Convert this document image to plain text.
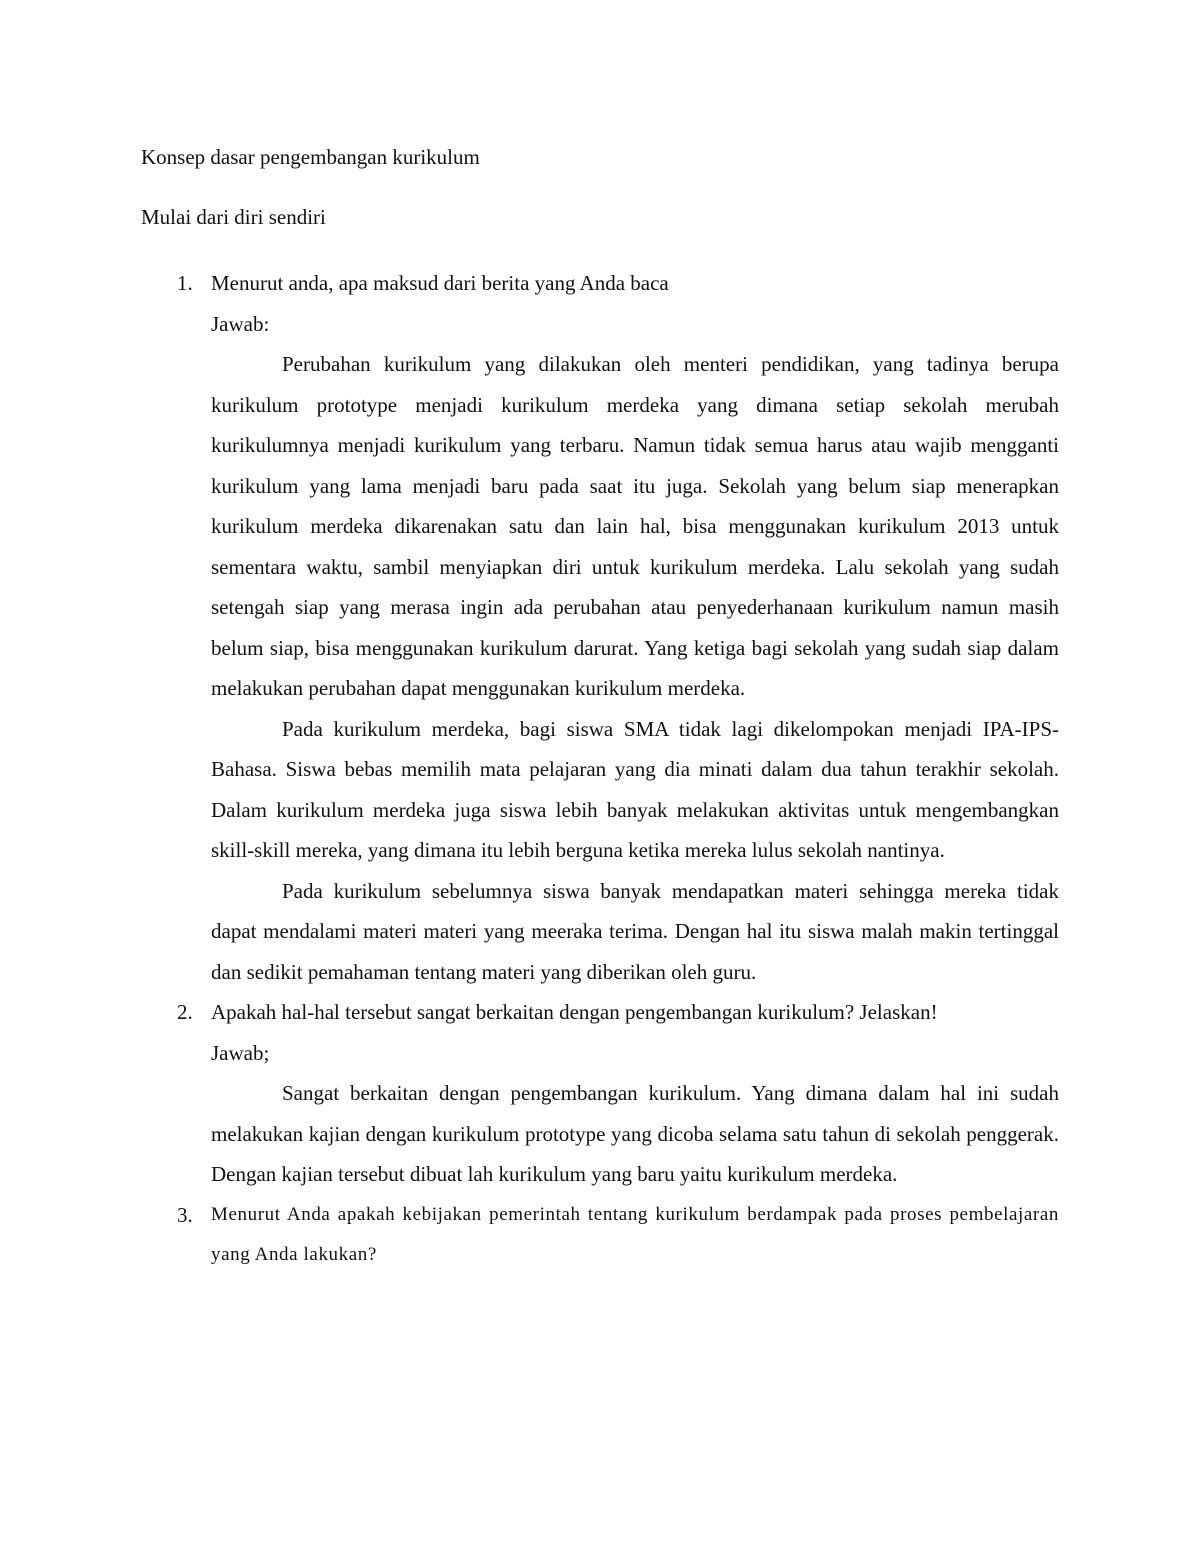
Konsep dasar pengembangan kurikulum
Mulai dari diri sendiri
1. Menurut anda, apa maksud dari berita yang Anda baca
Jawab:

Perubahan kurikulum yang dilakukan oleh menteri pendidikan, yang tadinya berupa kurikulum prototype menjadi kurikulum merdeka yang dimana setiap sekolah merubah kurikulumnya menjadi kurikulum yang terbaru. Namun tidak semua harus atau wajib mengganti kurikulum yang lama menjadi baru pada saat itu juga. Sekolah yang belum siap menerapkan kurikulum merdeka dikarenakan satu dan lain hal, bisa menggunakan kurikulum 2013 untuk sementara waktu, sambil menyiapkan diri untuk kurikulum merdeka. Lalu sekolah yang sudah setengah siap yang merasa ingin ada perubahan atau penyederhanaan kurikulum namun masih belum siap, bisa menggunakan kurikulum darurat. Yang ketiga bagi sekolah yang sudah siap dalam melakukan perubahan dapat menggunakan kurikulum merdeka.

Pada kurikulum merdeka, bagi siswa SMA tidak lagi dikelompokan menjadi IPA-IPS-Bahasa. Siswa bebas memilih mata pelajaran yang dia minati dalam dua tahun terakhir sekolah. Dalam kurikulum merdeka juga siswa lebih banyak melakukan aktivitas untuk mengembangkan skill-skill mereka, yang dimana itu lebih berguna ketika mereka lulus sekolah nantinya.

Pada kurikulum sebelumnya siswa banyak mendapatkan materi sehingga mereka tidak dapat mendalami materi materi yang meeraka terima. Dengan hal itu siswa malah makin tertinggal dan sedikit pemahaman tentang materi yang diberikan oleh guru.

2. Apakah hal-hal tersebut sangat berkaitan dengan pengembangan kurikulum? Jelaskan!
Jawab;

Sangat berkaitan dengan pengembangan kurikulum. Yang dimana dalam hal ini sudah melakukan kajian dengan kurikulum prototype yang dicoba selama satu tahun di sekolah penggerak. Dengan kajian tersebut dibuat lah kurikulum yang baru yaitu kurikulum merdeka.

3. Menurut Anda apakah kebijakan pemerintah tentang kurikulum berdampak pada proses pembelajaran yang Anda lakukan?
